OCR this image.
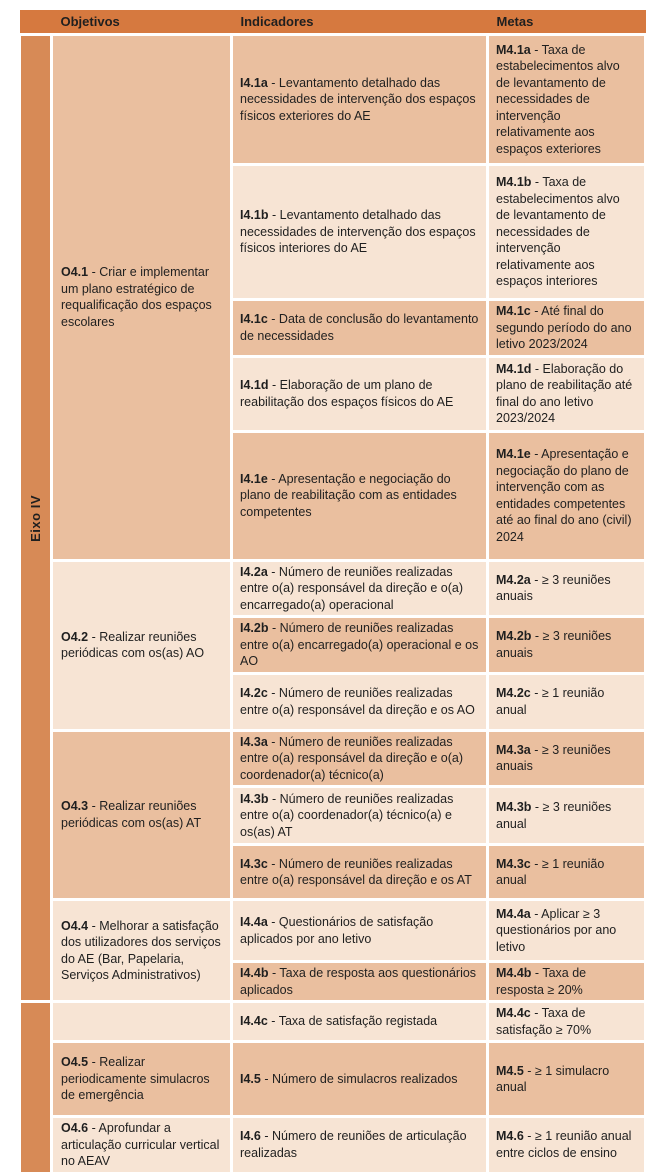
	Objetivos	Indicadores	Metas

Eixo IV	O4.1 - Criar e implementar um plano estratégico de requalificação dos espaços escolares	I4.1a - Levantamento detalhado das necessidades de intervenção dos espaços físicos exteriores do AE	M4.1a - Taxa de estabelecimentos alvo de levantamento de necessidades de intervenção relativamente aos espaços exteriores
		I4.1b - Levantamento detalhado das necessidades de intervenção dos espaços físicos interiores do AE	M4.1b - Taxa de estabelecimentos alvo de levantamento de necessidades de intervenção relativamente aos espaços interiores
		I4.1c - Data de conclusão do levantamento de necessidades	M4.1c - Até final do segundo período do ano letivo 2023/2024
		I4.1d - Elaboração de um plano de reabilitação dos espaços físicos do AE	M4.1d - Elaboração do plano de reabilitação até final do ano letivo 2023/2024
		I4.1e - Apresentação e negociação do plano de reabilitação com as entidades competentes	M4.1e - Apresentação e negociação do plano de intervenção com as entidades competentes até ao final do ano (civil) 2024
	O4.2 - Realizar reuniões periódicas com os(as) AO	I4.2a - Número de reuniões realizadas entre o(a) responsável da direção e o(a) encarregado(a) operacional	M4.2a - ≥ 3 reuniões anuais
		I4.2b - Número de reuniões realizadas entre o(a) encarregado(a) operacional e os AO	M4.2b - ≥ 3 reuniões anuais
		I4.2c - Número de reuniões realizadas entre o(a) responsável da direção e os AO	M4.2c - ≥ 1 reunião anual
	O4.3 - Realizar reuniões periódicas com os(as) AT	I4.3a - Número de reuniões realizadas entre o(a) responsável da direção e o(a) coordenador(a) técnico(a)	M4.3a - ≥ 3 reuniões anuais
		I4.3b - Número de reuniões realizadas entre o(a) coordenador(a) técnico(a) e os(as) AT	M4.3b - ≥ 3 reuniões anual
		I4.3c - Número de reuniões realizadas entre o(a) responsável da direção e os AT	M4.3c - ≥ 1 reunião anual
	O4.4 - Melhorar a satisfação dos utilizadores dos serviços do AE (Bar, Papelaria, Serviços Administrativos)	I4.4a - Questionários de satisfação aplicados por ano letivo	M4.4a - Aplicar ≥ 3 questionários por ano letivo
		I4.4b - Taxa de resposta aos questionários aplicados	M4.4b - Taxa de resposta ≥ 20%
		I4.4c - Taxa de satisfação registada	M4.4c - Taxa de satisfação ≥ 70%
	O4.5 - Realizar periodicamente simulacros de emergência	I4.5 - Número de simulacros realizados	M4.5 - ≥ 1 simulacro anual
	O4.6 - Aprofundar a articulação curricular vertical no AEAV	I4.6 - Número de reuniões de articulação realizadas	M4.6 - ≥ 1 reunião anual entre ciclos de ensino
